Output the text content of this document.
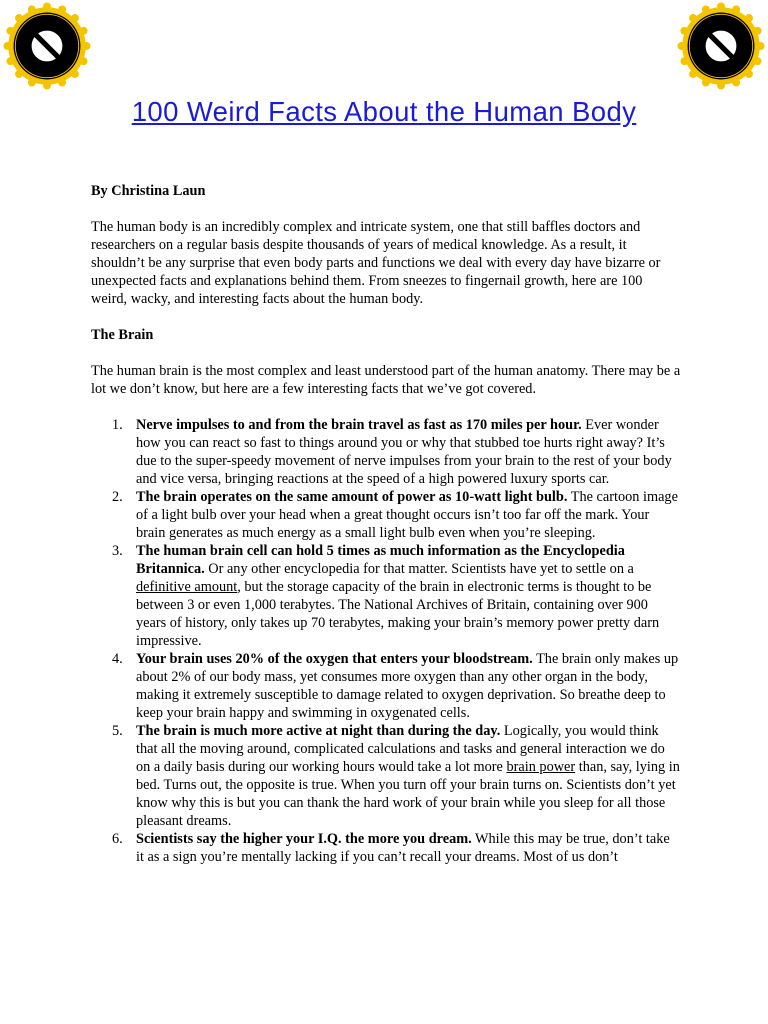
100 Weird Facts About the Human Body

By Christina Laun

The human body is an incredibly complex and intricate system, one that still baffles doctors and researchers on a regular basis despite thousands of years of medical knowledge. As a result, it shouldn’t be any surprise that even body parts and functions we deal with every day have bizarre or unexpected facts and explanations behind them. From sneezes to fingernail growth, here are 100 weird, wacky, and interesting facts about the human body.

The Brain

The human brain is the most complex and least understood part of the human anatomy. There may be a lot we don’t know, but here are a few interesting facts that we’ve got covered.

1. Nerve impulses to and from the brain travel as fast as 170 miles per hour. Ever wonder how you can react so fast to things around you or why that stubbed toe hurts right away? It’s due to the super-speedy movement of nerve impulses from your brain to the rest of your body and vice versa, bringing reactions at the speed of a high powered luxury sports car.
2. The brain operates on the same amount of power as 10-watt light bulb. The cartoon image of a light bulb over your head when a great thought occurs isn’t too far off the mark. Your brain generates as much energy as a small light bulb even when you’re sleeping.
3. The human brain cell can hold 5 times as much information as the Encyclopedia Britannica. Or any other encyclopedia for that matter. Scientists have yet to settle on a definitive amount, but the storage capacity of the brain in electronic terms is thought to be between 3 or even 1,000 terabytes. The National Archives of Britain, containing over 900 years of history, only takes up 70 terabytes, making your brain’s memory power pretty darn impressive.
4. Your brain uses 20% of the oxygen that enters your bloodstream. The brain only makes up about 2% of our body mass, yet consumes more oxygen than any other organ in the body, making it extremely susceptible to damage related to oxygen deprivation. So breathe deep to keep your brain happy and swimming in oxygenated cells.
5. The brain is much more active at night than during the day. Logically, you would think that all the moving around, complicated calculations and tasks and general interaction we do on a daily basis during our working hours would take a lot more brain power than, say, lying in bed. Turns out, the opposite is true. When you turn off your brain turns on. Scientists don’t yet know why this is but you can thank the hard work of your brain while you sleep for all those pleasant dreams.
6. Scientists say the higher your I.Q. the more you dream. While this may be true, don’t take it as a sign you’re mentally lacking if you can’t recall your dreams. Most of us don’t
